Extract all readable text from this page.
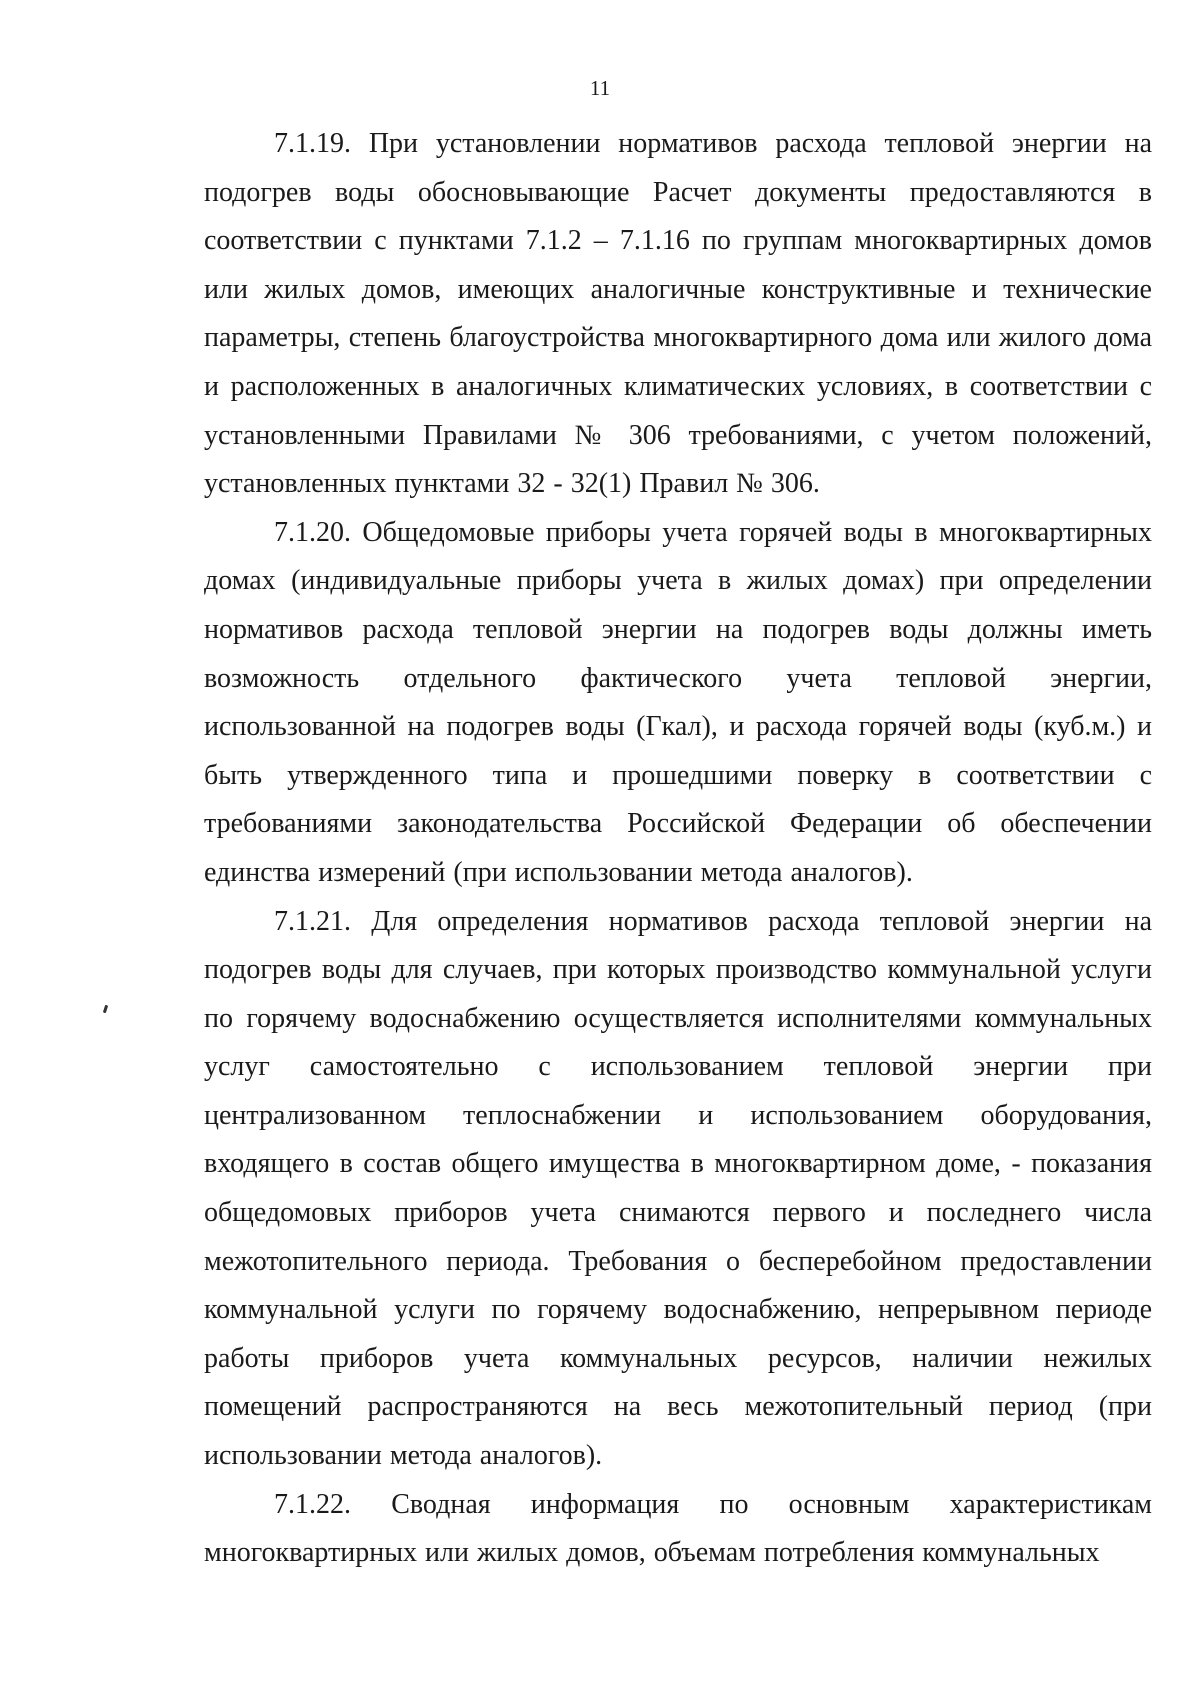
11

7.1.19. При установлении нормативов расхода тепловой энергии на подогрев воды обосновывающие Расчет документы предоставляются в соответствии с пунктами 7.1.2 – 7.1.16 по группам многоквартирных домов или жилых домов, имеющих аналогичные конструктивные и технические параметры, степень благоустройства многоквартирного дома или жилого дома и расположенных в аналогичных климатических условиях, в соответствии с установленными Правилами № 306 требованиями, с учетом положений, установленных пунктами 32 - 32(1) Правил № 306.

7.1.20. Общедомовые приборы учета горячей воды в многоквартирных домах (индивидуальные приборы учета в жилых домах) при определении нормативов расхода тепловой энергии на подогрев воды должны иметь возможность отдельного фактического учета тепловой энергии, использованной на подогрев воды (Гкал), и расхода горячей воды (куб.м.) и быть утвержденного типа и прошедшими поверку в соответствии с требованиями законодательства Российской Федерации об обеспечении единства измерений (при использовании метода аналогов).

7.1.21. Для определения нормативов расхода тепловой энергии на подогрев воды для случаев, при которых производство коммунальной услуги по горячему водоснабжению осуществляется исполнителями коммунальных услуг самостоятельно с использованием тепловой энергии при централизованном теплоснабжении и использованием оборудования, входящего в состав общего имущества в многоквартирном доме, - показания общедомовых приборов учета снимаются первого и последнего числа межотопительного периода. Требования о бесперебойном предоставлении коммунальной услуги по горячему водоснабжению, непрерывном периоде работы приборов учета коммунальных ресурсов, наличии нежилых помещений распространяются на весь межотопительный период (при использовании метода аналогов).

7.1.22. Сводная информация по основным характеристикам многоквартирных или жилых домов, объемам потребления коммунальных
